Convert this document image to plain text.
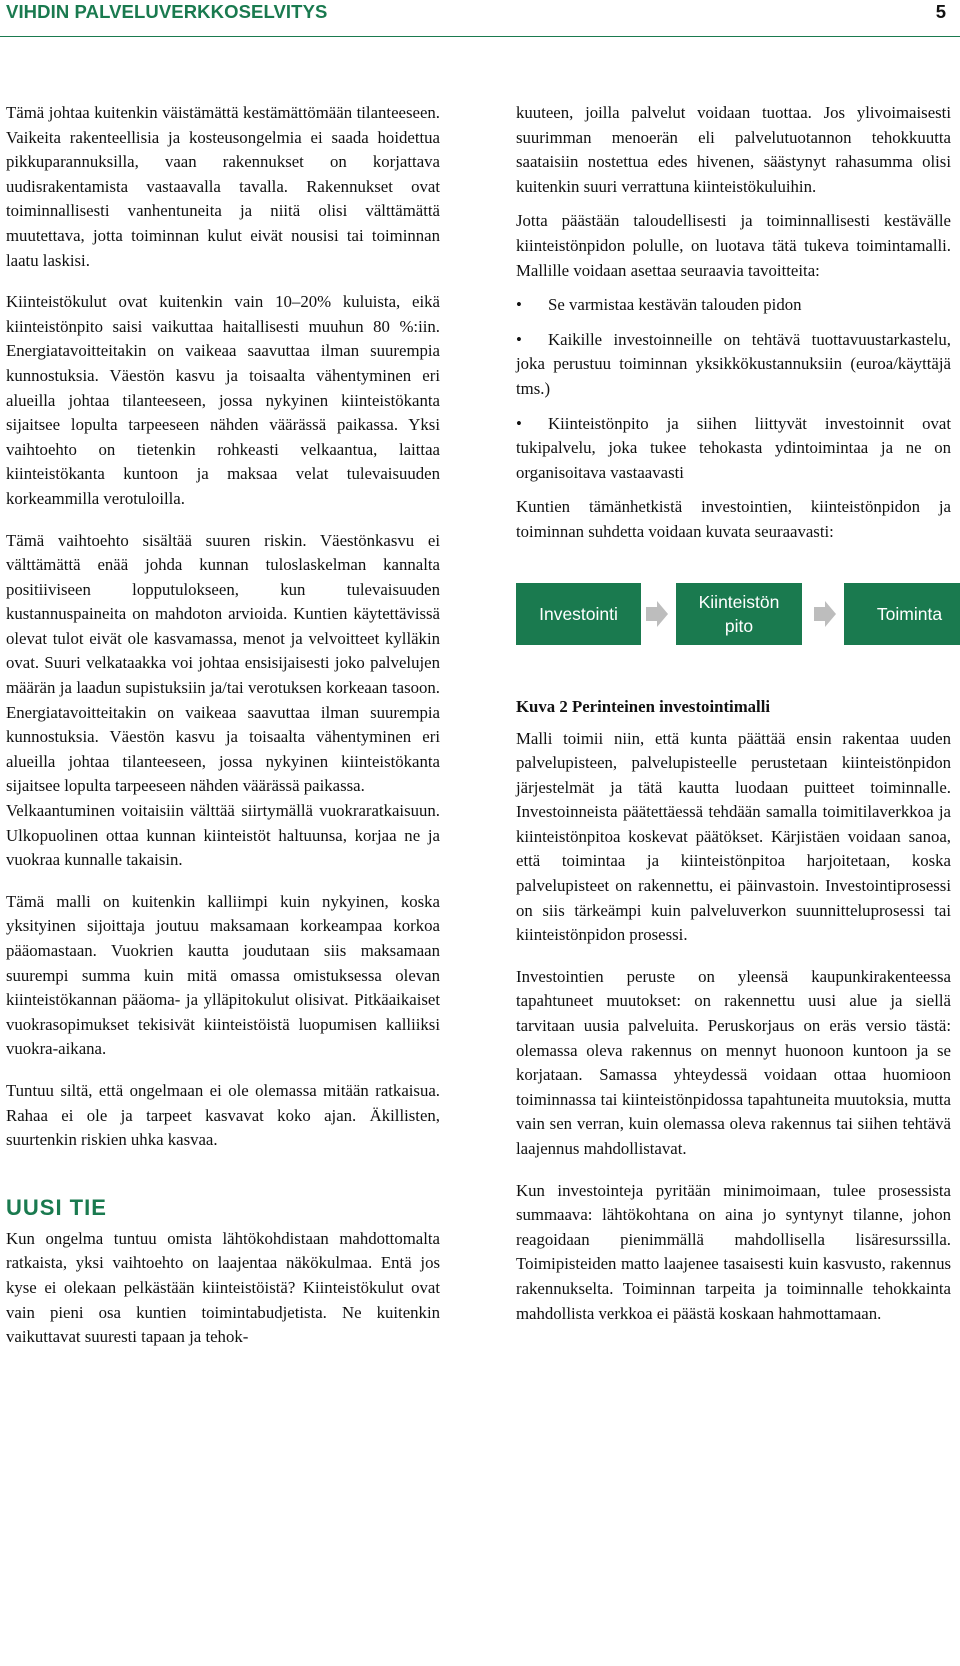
VIHDIN PALVELUVERKKOSELVITYS	5

Tämä johtaa kuitenkin väistämättä kestämättömään tilanteeseen. Vaikeita rakenteellisia ja kosteusongelmia ei saada hoidettua pikkuparannuksilla, vaan rakennukset on korjattava uudisrakentamista vastaavalla tavalla. Rakennukset ovat toiminnallisesti vanhentuneita ja niitä olisi välttämättä muutettava, jotta toiminnan kulut eivät nousisi tai toiminnan laatu laskisi.

Kiinteistökulut ovat kuitenkin vain 10–20% kuluista, eikä kiinteistönpito saisi vaikuttaa haitallisesti muuhun 80 %:iin. Energiatavoitteitakin on vaikeaa saavuttaa ilman suurempia kunnostuksia. Väestön kasvu ja toisaalta vähentyminen eri alueilla johtaa tilanteeseen, jossa nykyinen kiinteistökanta sijaitsee lopulta tarpeeseen nähden väärässä paikassa. Yksi vaihtoehto on tietenkin rohkeasti velkaantua, laittaa kiinteistökanta kuntoon ja maksaa velat tulevaisuuden korkeammilla verotuloilla.

Tämä vaihtoehto sisältää suuren riskin. Väestönkasvu ei välttämättä enää johda kunnan tuloslaskelman kannalta positiiviseen lopputulokseen, kun tulevaisuuden kustannuspaineita on mahdoton arvioida. Kuntien käytettävissä olevat tulot eivät ole kasvamassa, menot ja velvoitteet kylläkin ovat. Suuri velkataakka voi johtaa ensisijaisesti joko palvelujen määrän ja laadun supistuksiin ja/tai verotuksen korkeaan tasoon. Energiatavoitteitakin on vaikeaa saavuttaa ilman suurempia kunnostuksia. Väestön kasvu ja toisaalta vähentyminen eri alueilla johtaa tilanteeseen, jossa nykyinen kiinteistökanta sijaitsee lopulta tarpeeseen nähden väärässä paikassa.

Velkaantuminen voitaisiin välttää siirtymällä vuokraratkaisuun. Ulkopuolinen ottaa kunnan kiinteistöt haltuunsa, korjaa ne ja vuokraa kunnalle takaisin.

Tämä malli on kuitenkin kalliimpi kuin nykyinen, koska yksityinen sijoittaja joutuu maksamaan korkeampaa korkoa pääomastaan. Vuokrien kautta joudutaan siis maksamaan suurempi summa kuin mitä omassa omistuksessa olevan kiinteistökannan pääoma- ja ylläpitokulut olisivat. Pitkäaikaiset vuokrasopimukset tekisivät kiinteistöistä luopumisen kalliiksi vuokra-aikana.

Tuntuu siltä, että ongelmaan ei ole olemassa mitään ratkaisua. Rahaa ei ole ja tarpeet kasvavat koko ajan. Äkillisten, suurtenkin riskien uhka kasvaa.

UUSI TIE

Kun ongelma tuntuu omista lähtökohdistaan mahdottomalta ratkaista, yksi vaihtoehto on laajentaa näkökulmaa. Entä jos kyse ei olekaan pelkästään kiinteistöistä? Kiinteistökulut ovat vain pieni osa kuntien toimintabudjetista. Ne kuitenkin vaikuttavat suuresti tapaan ja tehok-

kuuteen, joilla palvelut voidaan tuottaa. Jos ylivoimaisesti suurimman menoerän eli palvelutuotannon tehokkuutta saataisiin nostettua edes hivenen, säästynyt rahasumma olisi kuitenkin suuri verrattuna kiinteistökuluihin.

Jotta päästään taloudellisesti ja toiminnallisesti kestävälle kiinteistönpidon polulle, on luotava tätä tukeva toimintamalli. Mallille voidaan asettaa seuraavia tavoitteita:

• Se varmistaa kestävän talouden pidon
• Kaikille investoinneille on tehtävä tuottavuustarkastelu, joka perustuu toiminnan yksikkökustannuksiin (euroa/käyttäjä tms.)
• Kiinteistönpito ja siihen liittyvät investoinnit ovat tukipalvelu, joka tukee tehokasta ydintoimintaa ja ne on organisoitava vastaavasti

Kuntien tämänhetkistä investointien, kiinteistönpidon ja toiminnan suhdetta voidaan kuvata seuraavasti:

Investointi
Kiinteistön
pito
Toiminta

Kuva 2 Perinteinen investointimalli

Malli toimii niin, että kunta päättää ensin rakentaa uuden palvelupisteen, palvelupisteelle perustetaan kiinteistönpidon järjestelmät ja tätä kautta luodaan puitteet toiminnalle. Investoinneista päätettäessä tehdään samalla toimitilaverkkoa ja kiinteistönpitoa koskevat päätökset. Kärjistäen voidaan sanoa, että toimintaa ja kiinteistönpitoa harjoitetaan, koska palvelupisteet on rakennettu, ei päinvastoin. Investointiprosessi on siis tärkeämpi kuin palveluverkon suunnitteluprosessi tai kiinteistönpidon prosessi.

Investointien peruste on yleensä kaupunkirakenteessa tapahtuneet muutokset: on rakennettu uusi alue ja siellä tarvitaan uusia palveluita. Peruskorjaus on eräs versio tästä: olemassa oleva rakennus on mennyt huonoon kuntoon ja se korjataan. Samassa yhteydessä voidaan ottaa huomioon toiminnassa tai kiinteistönpidossa tapahtuneita muutoksia, mutta vain sen verran, kuin olemassa oleva rakennus tai siihen tehtävä laajennus mahdollistavat.

Kun investointeja pyritään minimoimaan, tulee prosessista summaava: lähtökohtana on aina jo syntynyt tilanne, johon reagoidaan pienimmällä mahdollisella lisäresurssilla. Toimipisteiden matto laajenee tasaisesti kuin kasvusto, rakennus rakennukselta. Toiminnan tarpeita ja toiminnalle tehokkainta mahdollista verkkoa ei päästä koskaan hahmottamaan.
